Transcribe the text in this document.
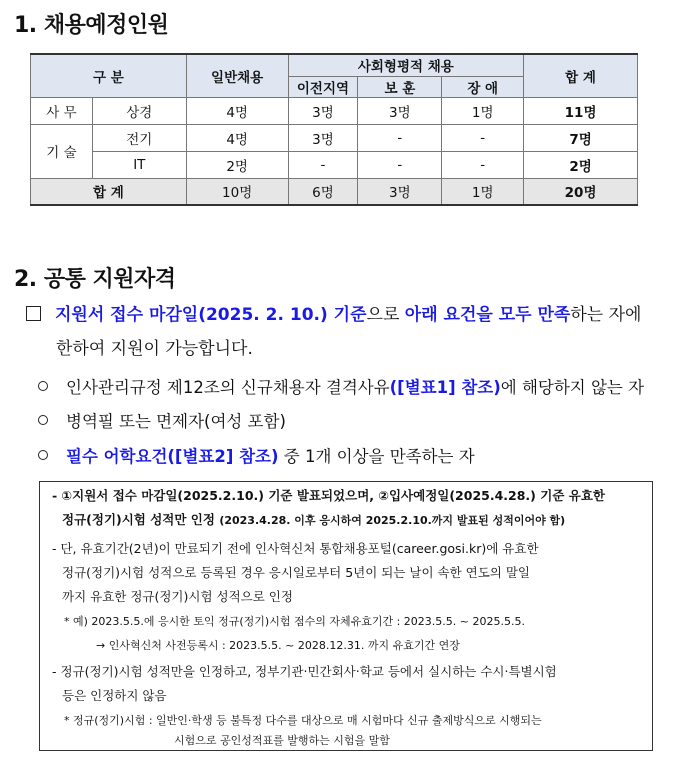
1. 채용예정인원
구 분		일반채용	사회형평적 채용			합 계
			이전지역	보 훈	장 애	
사 무	상경	4명	3명	3명	1명	11명
기 술	전기	4명	3명	-	-	7명
	IT	2명	-	-	-	2명
합 계		10명	6명	3명	1명	20명
2. 공통 지원자격
지원서 접수 마감일(2025. 2. 10.) 기준으로 아래 요건을 모두 만족하는 자에
한하여 지원이 가능합니다.
인사관리규정 제12조의 신규채용자 결격사유([별표1] 참조)에 해당하지 않는 자
병역필 또는 면제자(여성 포함)
필수 어학요건([별표2] 참조) 중 1개 이상을 만족하는 자
- ①지원서 접수 마감일(2025.2.10.) 기준 발표되었으며, ②입사예정일(2025.4.28.) 기준 유효한
정규(정기)시험 성적만 인정 (2023.4.28. 이후 응시하여 2025.2.10.까지 발표된 성적이어야 함)
- 단, 유효기간(2년)이 만료되기 전에 인사혁신처 통합채용포털(career.gosi.kr)에 유효한
정규(정기)시험 성적으로 등록된 경우 응시일로부터 5년이 되는 날이 속한 연도의 말일
까지 유효한 정규(정기)시험 성적으로 인정
* 예) 2023.5.5.에 응시한 토익 정규(정기)시험 점수의 자체유효기간 : 2023.5.5. ~ 2025.5.5.
→ 인사혁신처 사전등록시 : 2023.5.5. ~ 2028.12.31. 까지 유효기간 연장
- 정규(정기)시험 성적만을 인정하고, 정부기관‧민간회사‧학교 등에서 실시하는 수시‧특별시험
등은 인정하지 않음
* 정규(정기)시험 : 일반인‧학생 등 불특정 다수를 대상으로 매 시험마다 신규 출제방식으로 시행되는
시험으로 공인성적표를 발행하는 시험을 말함
